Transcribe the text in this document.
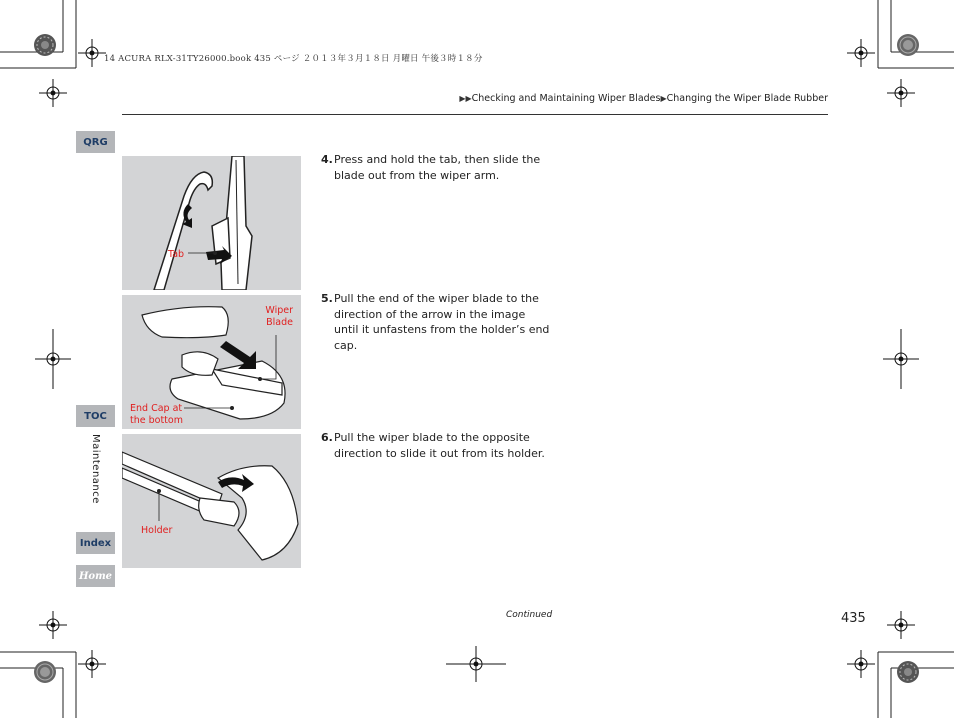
14 ACURA RLX-31TY26000.book 435 ページ ２０１３年３月１８日 月曜日 午後３時１８分
▶▶Checking and Maintaining Wiper Blades▶Changing the Wiper Blade Rubber
QRG
TOC
Maintenance
Index
Home
Tab
Wiper
Blade
End Cap at
the bottom
Holder
4. Press and hold the tab, then slide the blade out from the wiper arm.
5. Pull the end of the wiper blade to the direction of the arrow in the image until it unfastens from the holder’s end cap.
6. Pull the wiper blade to the opposite direction to slide it out from its holder.
Continued	435
